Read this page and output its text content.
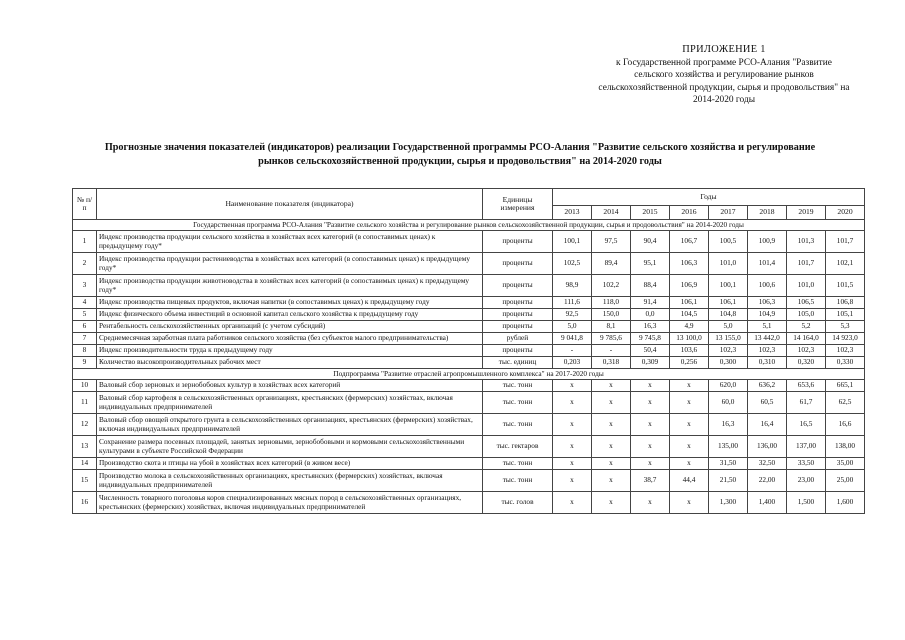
ПРИЛОЖЕНИЕ 1
к Государственной программе РСО-Алания "Развитие
сельского хозяйства и регулирование рынков
сельскохозяйственной продукции, сырья и продовольствия" на
2014-2020 годы
Прогнозные значения показателей (индикаторов) реализации Государственной программы РСО-Алания "Развитие сельского хозяйства и регулирование
рынков сельскохозяйственной продукции, сырья и продовольствия" на 2014-2020 годы
№ п/п	Наименование показателя (индикатора)	Единицы измерения	Годы							
			2013	2014	2015	2016	2017	2018	2019	2020
Государственная программа РСО-Алания "Развитие сельского хозяйства и регулирование рынков сельскохозяйственной продукции, сырья и продовольствия" на 2014-2020 годы										
1	Индекс производства продукции сельского хозяйства в хозяйствах всех категорий (в сопоставимых ценах) к предыдущему году*	проценты	100,1	97,5	90,4	106,7	100,5	100,9	101,3	101,7
2	Индекс производства продукции растениеводства в хозяйствах всех категорий (в сопоставимых ценах) к предыдущему году*	проценты	102,5	89,4	95,1	106,3	101,0	101,4	101,7	102,1
3	Индекс производства продукции животноводства в хозяйствах всех категорий (в сопоставимых ценах) к предыдущему году*	проценты	98,9	102,2	88,4	106,9	100,1	100,6	101,0	101,5
4	Индекс производства пищевых продуктов, включая напитки (в сопоставимых ценах) к предыдущему году	проценты	111,6	118,0	91,4	106,1	106,1	106,3	106,5	106,8
5	Индекс физического объема инвестиций в основной капитал сельского хозяйства к предыдущему году	проценты	92,5	150,0	0,0	104,5	104,8	104,9	105,0	105,1
6	Рентабельность сельскохозяйственных организаций (с учетом субсидий)	проценты	5,0	8,1	16,3	4,9	5,0	5,1	5,2	5,3
7	Среднемесячная заработная плата работников сельского хозяйства (без субъектов малого предпринимательства)	рублей	9 041,8	9 785,6	9 745,8	13 100,0	13 155,0	13 442,0	14 164,0	14 923,0
8	Индекс производительности труда к предыдущему году	проценты	-	-	50,4	103,6	102,3	102,3	102,3	102,3
9	Количество высокопроизводительных рабочих мест	тыс. единиц	0,203	0,318	0,309	0,256	0,300	0,310	0,320	0,330
Подпрограмма "Развитие отраслей агропромышленного комплекса" на 2017-2020 годы										
10	Валовый сбор зерновых и зернобобовых культур в хозяйствах всех категорий	тыс. тонн	х	х	х	х	620,0	636,2	653,6	665,1
11	Валовый сбор картофеля в сельскохозяйственных организациях, крестьянских (фермерских) хозяйствах, включая индивидуальных предпринимателей	тыс. тонн	х	х	х	х	60,0	60,5	61,7	62,5
12	Валовый сбор овощей открытого грунта в сельскохозяйственных организациях, крестьянских (фермерских) хозяйствах, включая индивидуальных предпринимателей	тыс. тонн	х	х	х	х	16,3	16,4	16,5	16,6
13	Сохранение размера посевных площадей, занятых зерновыми, зернобобовыми и кормовыми сельскохозяйственными культурами в субъекте Российской Федерации	тыс. гектаров	х	х	х	х	135,00	136,00	137,00	138,00
14	Производство скота и птицы на убой в хозяйствах всех категорий (в живом весе)	тыс. тонн	х	х	х	х	31,50	32,50	33,50	35,00
15	Производство молока в сельскохозяйственных организациях, крестьянских (фермерских) хозяйствах, включая индивидуальных предпринимателей	тыс. тонн	х	х	38,7	44,4	21,50	22,00	23,00	25,00
16	Численность товарного поголовья коров специализированных мясных пород в сельскохозяйственных организациях, крестьянских (фермерских) хозяйствах, включая индивидуальных предпринимателей	тыс. голов	х	х	х	х	1,300	1,400	1,500	1,600
